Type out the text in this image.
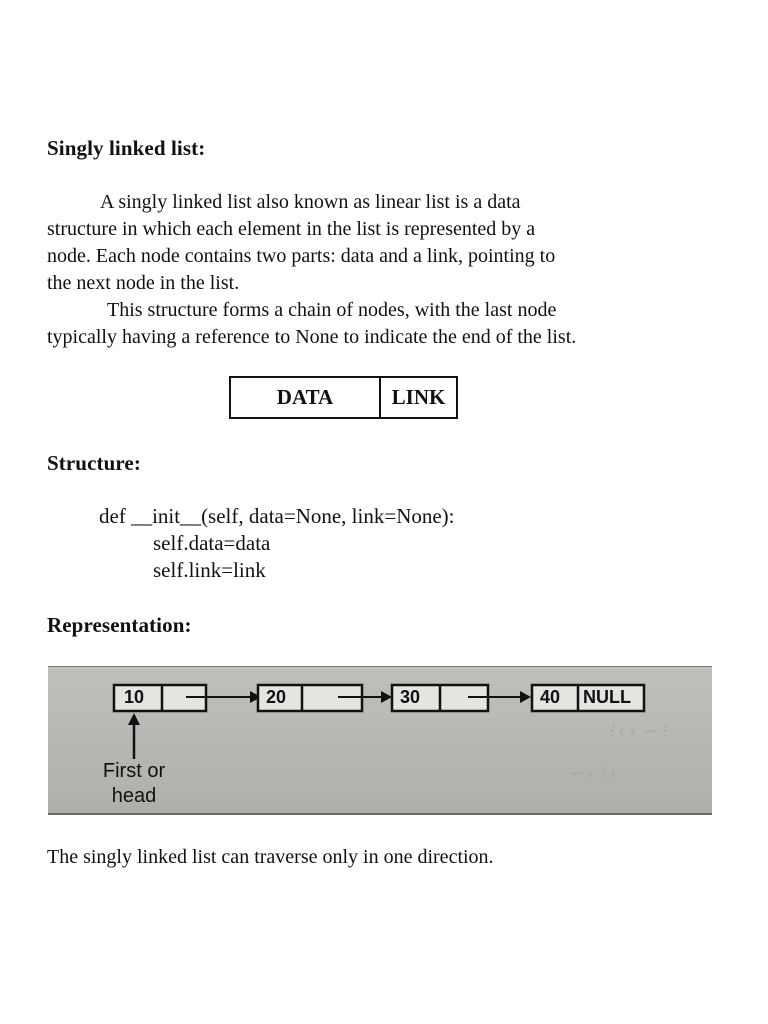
Singly linked list:
A singly linked list also known as linear list is a data
structure in which each element in the list is represented by a
node. Each node contains two parts: data and a link, pointing to
the next node in the list.
This structure forms a chain of nodes, with the last node
typically having a reference to None to indicate the end of the list.
DATA	LINK
Structure:
def __init__(self, data=None, link=None):
self.data=data
self.link=link
Representation:
⁝ ‹ › ∽ ⁝
∽ ‹ ⁝ ›
10	20	30	40 NULL
First or
head
The singly linked list can traverse only in one direction.
